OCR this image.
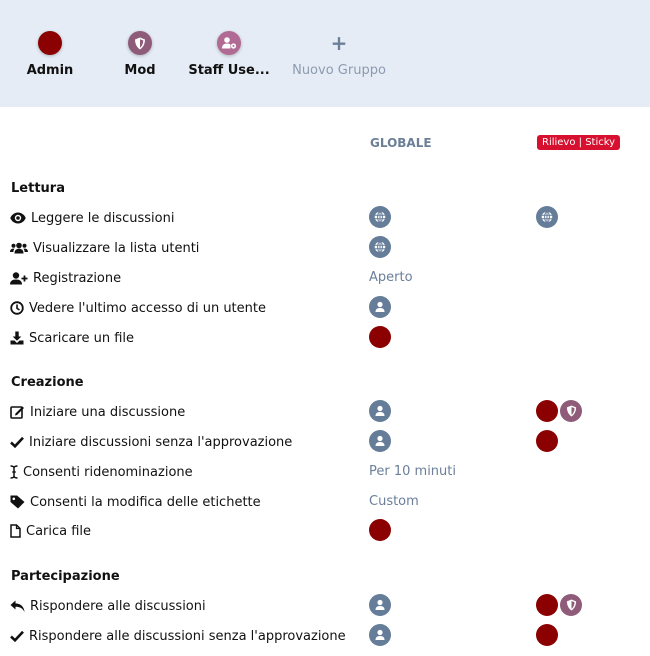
Admin	Mod	Staff Use...
+
Nuovo Gruppo
GLOBALE	Rilievo | Sticky
Lettura
Leggere le discussioni
Visualizzare la lista utenti
Registrazione	Aperto
Vedere l'ultimo accesso di un utente
Scaricare un file
Creazione
Iniziare una discussione
Iniziare discussioni senza l'approvazione
Consenti ridenominazione	Per 10 minuti
Consenti la modifica delle etichette	Custom
Carica file
Partecipazione
Rispondere alle discussioni
Rispondere alle discussioni senza l'approvazione
